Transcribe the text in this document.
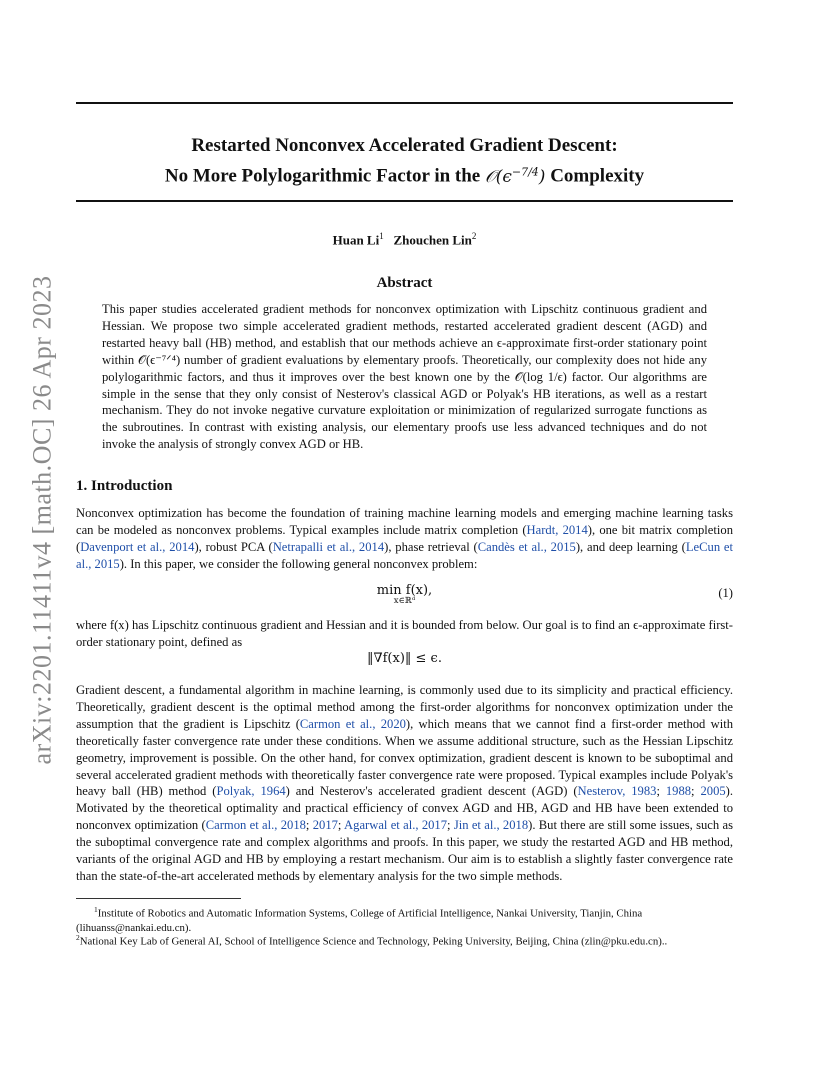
arXiv:2201.11411v4 [math.OC] 26 Apr 2023
Restarted Nonconvex Accelerated Gradient Descent:
No More Polylogarithmic Factor in the $𝒪(\epsilon^{-7/4})$ Complexity
Huan Li$^1$ Zhouchen Lin$^2$
Abstract

This paper studies accelerated gradient methods for nonconvex optimization with Lipschitz continuous gradient and Hessian. We propose two simple accelerated gradient methods, restarted accelerated gradient descent (AGD) and restarted heavy ball (HB) method, and establish that our methods achieve an ϵ-approximate first-order stationary point within 𝒪(ϵ⁻⁷ᐟ⁴) number of gradient evaluations by elementary proofs. Theoretically, our complexity does not hide any polylogarithmic factors, and thus it improves over the best known one by the 𝒪(log 1/ϵ) factor. Our algorithms are simple in the sense that they only consist of Nesterov's classical AGD or Polyak's HB iterations, as well as a restart mechanism. They do not invoke negative curvature exploitation or minimization of regularized surrogate functions as the subroutines. In contrast with existing analysis, our elementary proofs use less advanced techniques and do not invoke the analysis of strongly convex AGD or HB.

1. Introduction

Nonconvex optimization has become the foundation of training machine learning models and emerging machine learning tasks can be modeled as nonconvex problems. Typical examples include matrix completion (Hardt, 2014), one bit matrix completion (Davenport et al., 2014), robust PCA (Netrapalli et al., 2014), phase retrieval (Candès et al., 2015), and deep learning (LeCun et al., 2015). In this paper, we consider the following general nonconvex problem:

min f(x),
x∈ℝᵈ
(1)

where f(x) has Lipschitz continuous gradient and Hessian and it is bounded from below. Our goal is to find an ϵ-approximate first-order stationary point, defined as

‖∇f(x)‖ ≤ ϵ.

Gradient descent, a fundamental algorithm in machine learning, is commonly used due to its simplicity and practical efficiency. Theoretically, gradient descent is the optimal method among the first-order algorithms for nonconvex optimization under the assumption that the gradient is Lipschitz (Carmon et al., 2020), which means that we cannot find a first-order method with theoretically faster convergence rate under these conditions. When we assume additional structure, such as the Hessian Lipschitz geometry, improvement is possible. On the other hand, for convex optimization, gradient descent is known to be suboptimal and several accelerated gradient methods with theoretically faster convergence rate were proposed. Typical examples include Polyak's heavy ball (HB) method (Polyak, 1964) and Nesterov's accelerated gradient descent (AGD) (Nesterov, 1983; 1988; 2005). Motivated by the theoretical optimality and practical efficiency of convex AGD and HB, AGD and HB have been extended to nonconvex optimization (Carmon et al., 2018; 2017; Agarwal et al., 2017; Jin et al., 2018). But there are still some issues, such as the suboptimal convergence rate and complex algorithms and proofs. In this paper, we study the restarted AGD and HB method, variants of the original AGD and HB by employing a restart mechanism. Our aim is to establish a slightly faster convergence rate than the state-of-the-art accelerated methods by elementary analysis for the two simple methods.

$^1$Institute of Robotics and Automatic Information Systems, College of Artificial Intelligence, Nankai University, Tianjin, China (lihuanss@nankai.edu.cn).

$^2$National Key Lab of General AI, School of Intelligence Science and Technology, Peking University, Beijing, China (zlin@pku.edu.cn)..
